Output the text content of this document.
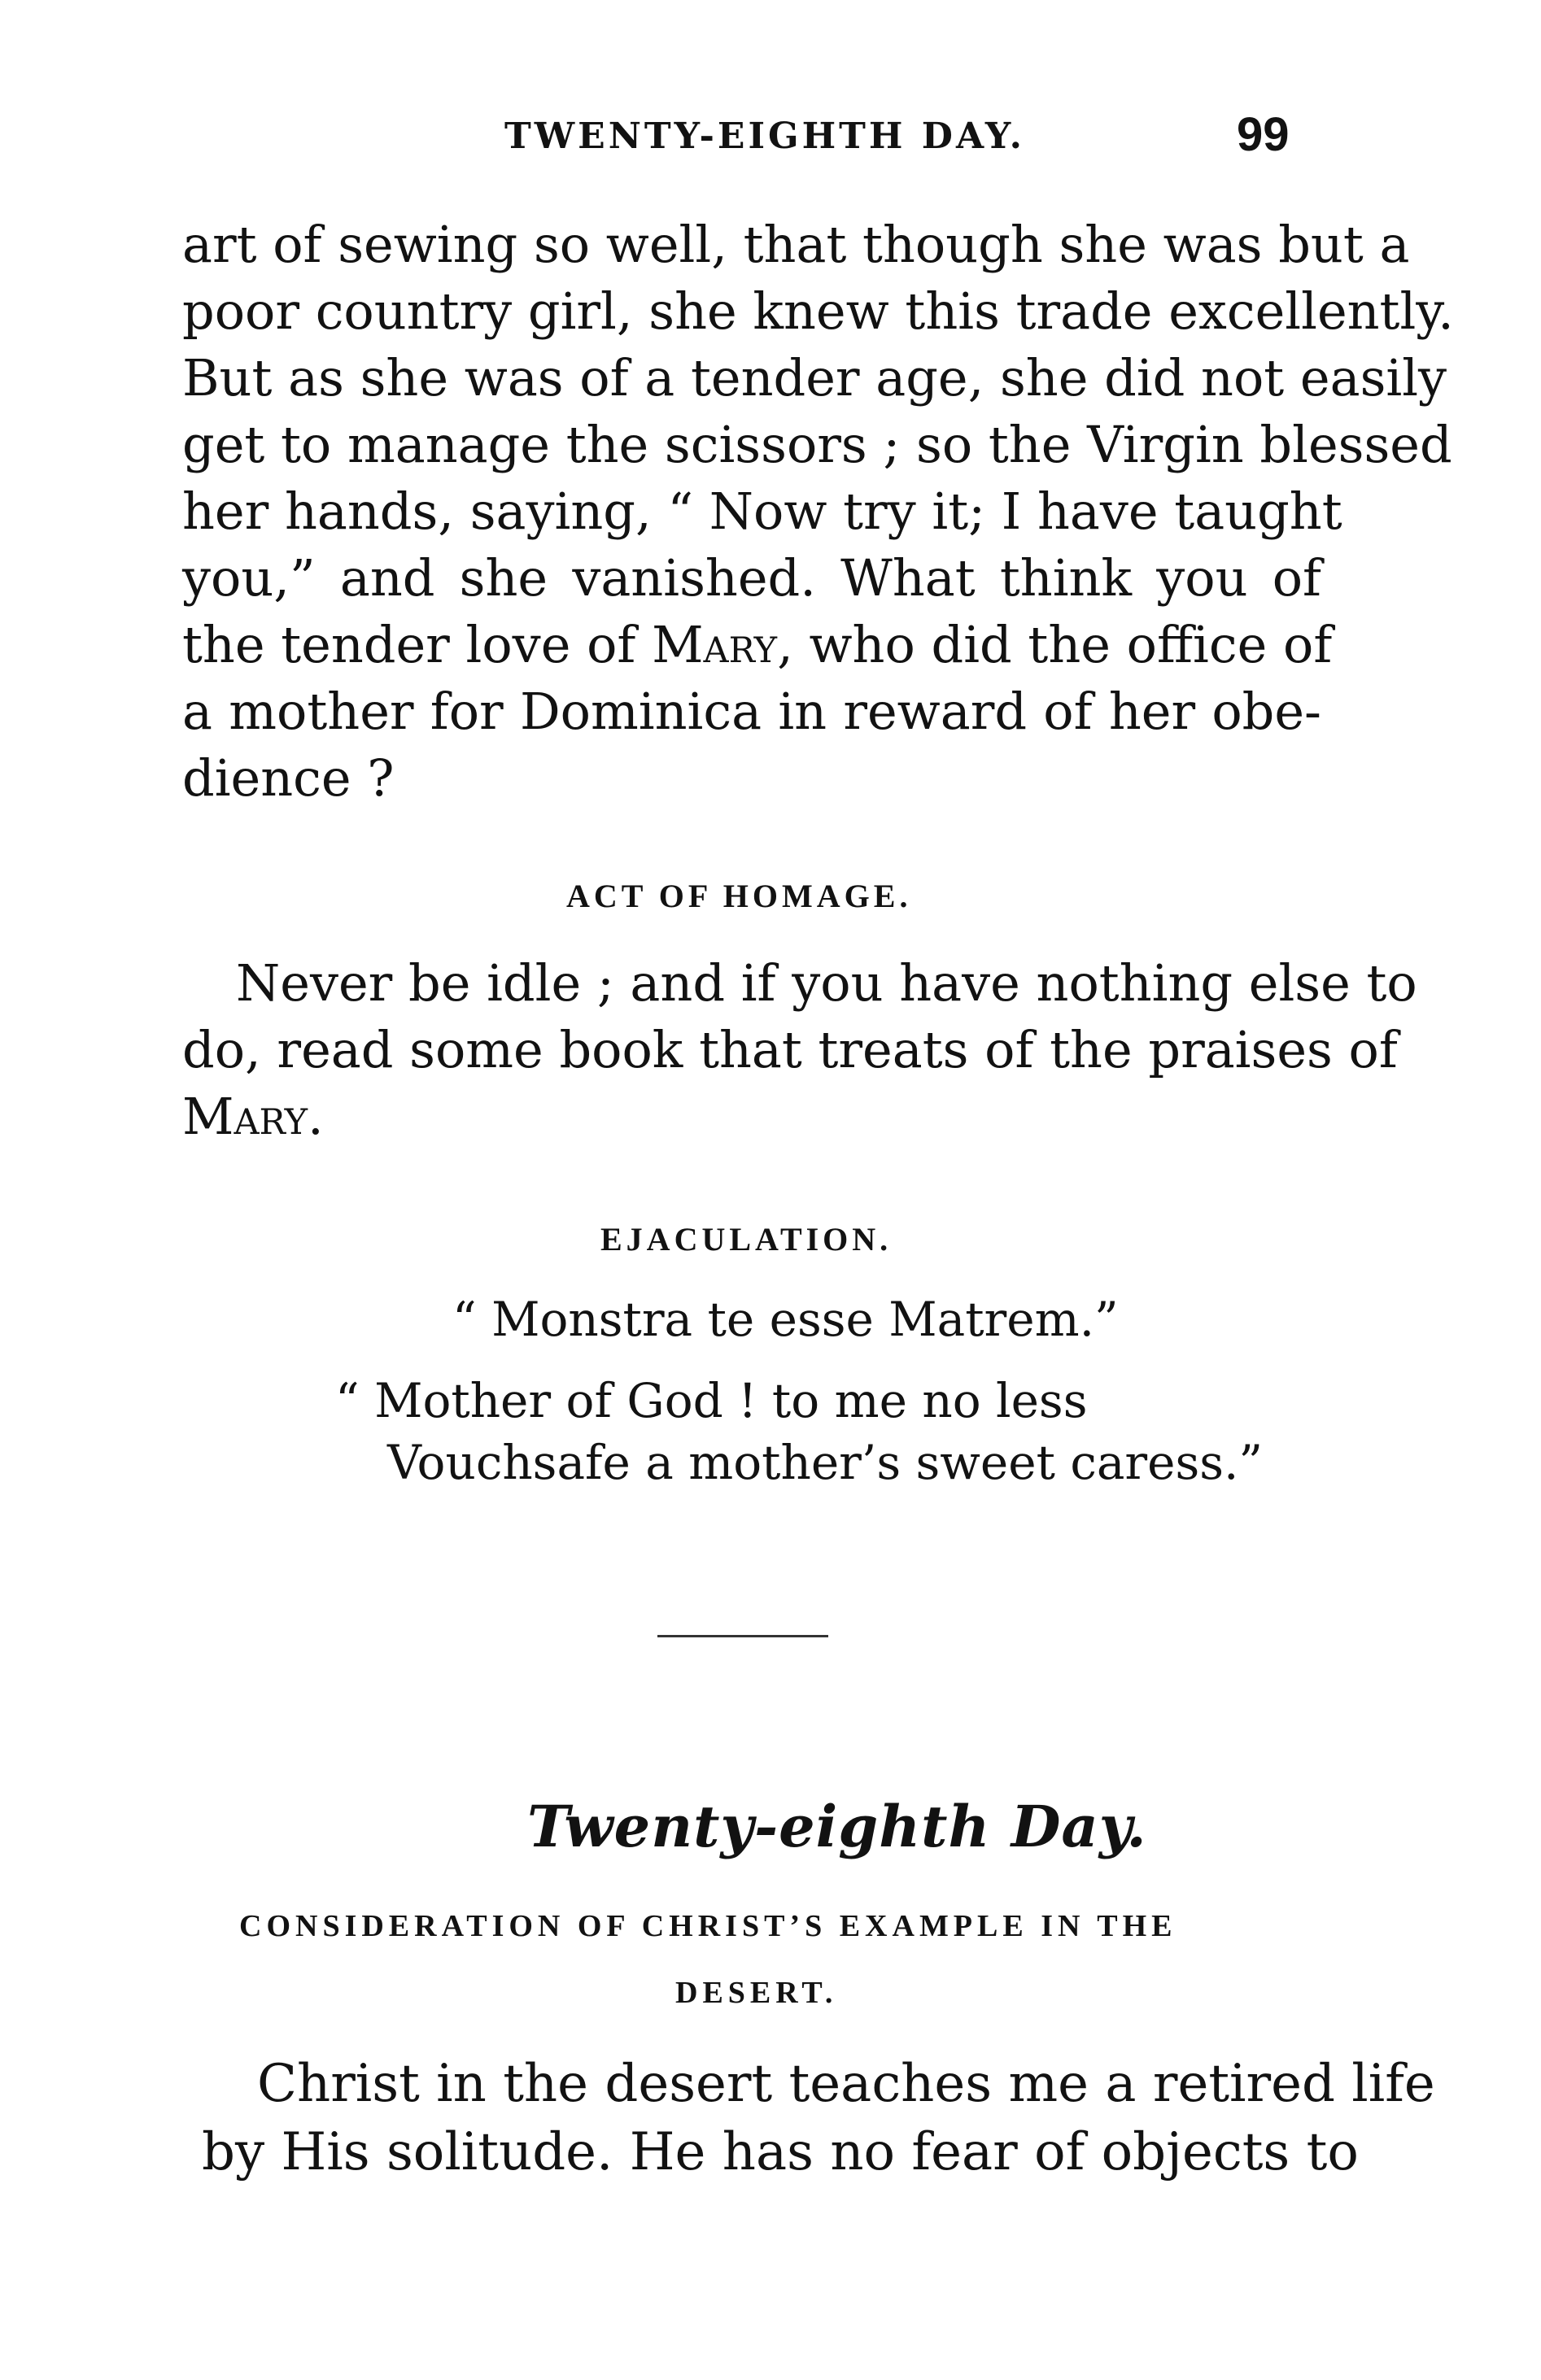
TWENTY-EIGHTH DAY.	99
art of sewing so well, that though she was but a
poor country girl, she knew this trade excellently.
But as she was of a tender age, she did not easily
get to manage the scissors ; so the Virgin blessed
her hands, saying, “ Now try it; I have taught
you,” and she vanished. What think you of
the tender love of Mary, who did the office of
a mother for Dominica in reward of her obe-
dience ?
ACT OF HOMAGE.
Never be idle ; and if you have nothing else to
do, read some book that treats of the praises of
Mary.
EJACULATION.
“ Monstra te esse Matrem.”
“ Mother of God ! to me no less
Vouchsafe a mother’s sweet caress.”
Twenty-eighth Day.
CONSIDERATION OF CHRIST’S EXAMPLE IN THE
DESERT.
Christ in the desert teaches me a retired life
by His solitude. He has no fear of objects to
